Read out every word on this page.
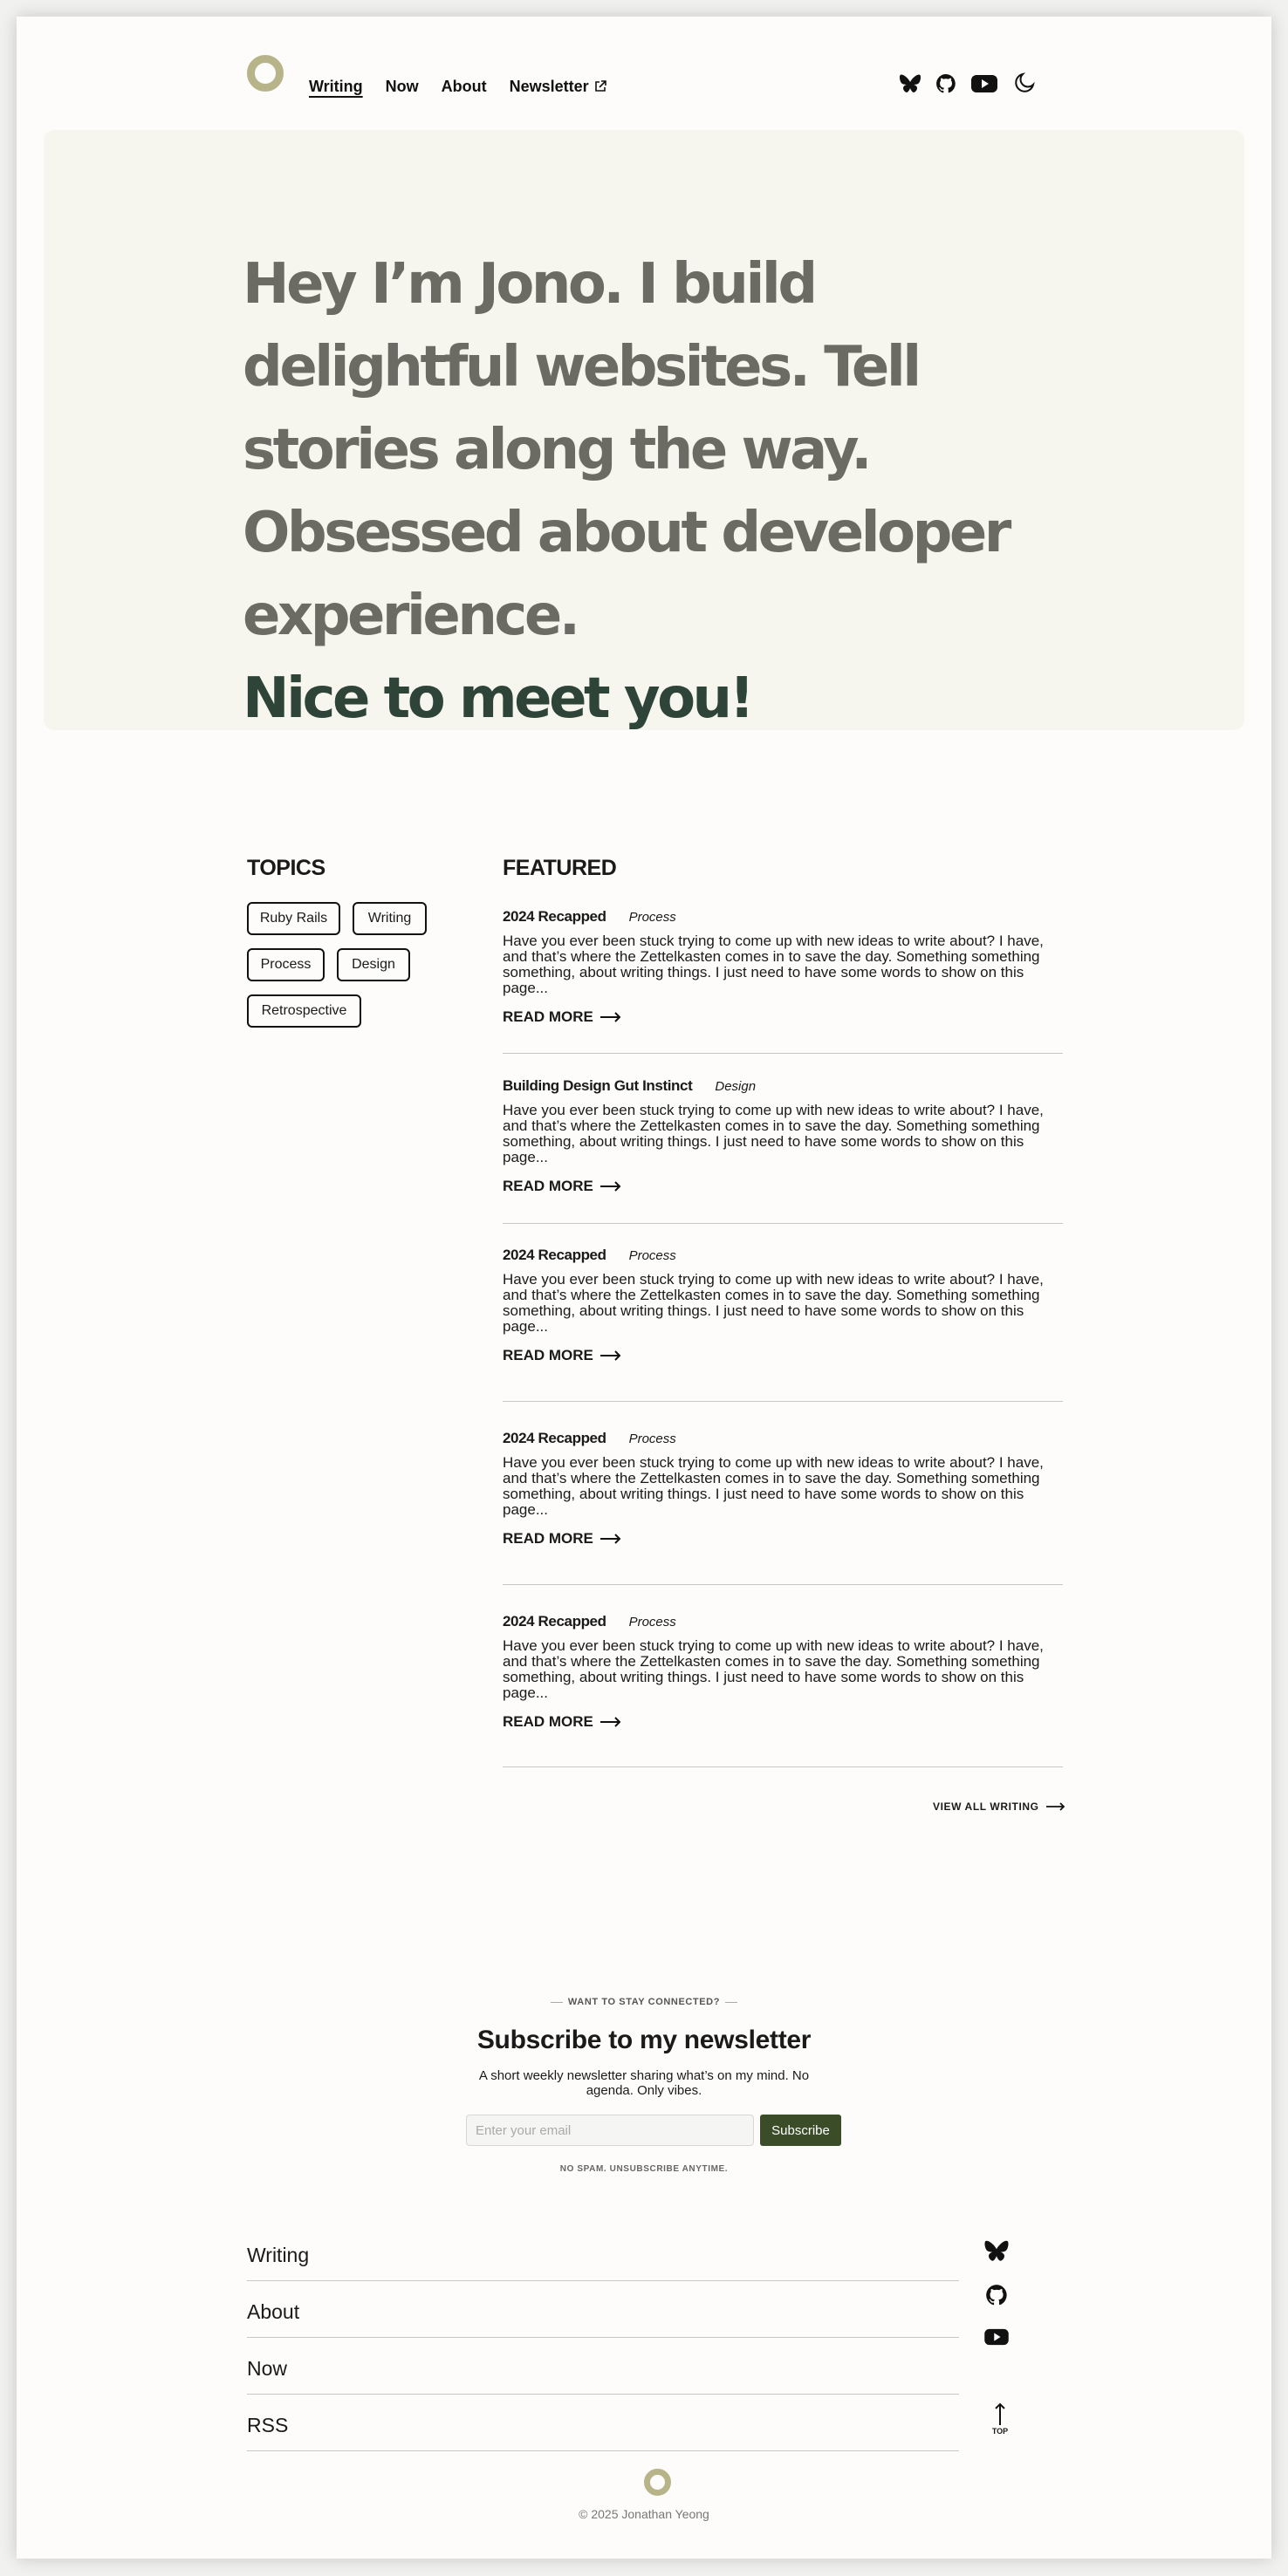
Writing Now About Newsletter
Hey I’m Jono. I build delightful websites. Tell stories along the way. Obsessed about developer experience.
Nice to meet you!
TOPICS
Ruby Rails	Writing
Process	Design
Retrospective
FEATURED
2024 Recapped Process

Have you ever been stuck trying to come up with new ideas to write about? I have, and that’s where the Zettelkasten comes in to save the day. Something something something, about writing things. I just need to have some words to show on this page...

READ MORE
Building Design Gut Instinct Design

Have you ever been stuck trying to come up with new ideas to write about? I have, and that’s where the Zettelkasten comes in to save the day. Something something something, about writing things. I just need to have some words to show on this page...

READ MORE
2024 Recapped Process

Have you ever been stuck trying to come up with new ideas to write about? I have, and that’s where the Zettelkasten comes in to save the day. Something something something, about writing things. I just need to have some words to show on this page...

READ MORE
2024 Recapped Process

Have you ever been stuck trying to come up with new ideas to write about? I have, and that’s where the Zettelkasten comes in to save the day. Something something something, about writing things. I just need to have some words to show on this page...

READ MORE
2024 Recapped Process

Have you ever been stuck trying to come up with new ideas to write about? I have, and that’s where the Zettelkasten comes in to save the day. Something something something, about writing things. I just need to have some words to show on this page...

READ MORE
VIEW ALL WRITING
WANT TO STAY CONNECTED?
Subscribe to my newsletter

A short weekly newsletter sharing what’s on my mind. No agenda. Only vibes.

Enter your email
Subscribe
NO SPAM. UNSUBSCRIBE ANYTIME.
Writing
About
Now
RSS	TOP
© 2025 Jonathan Yeong
